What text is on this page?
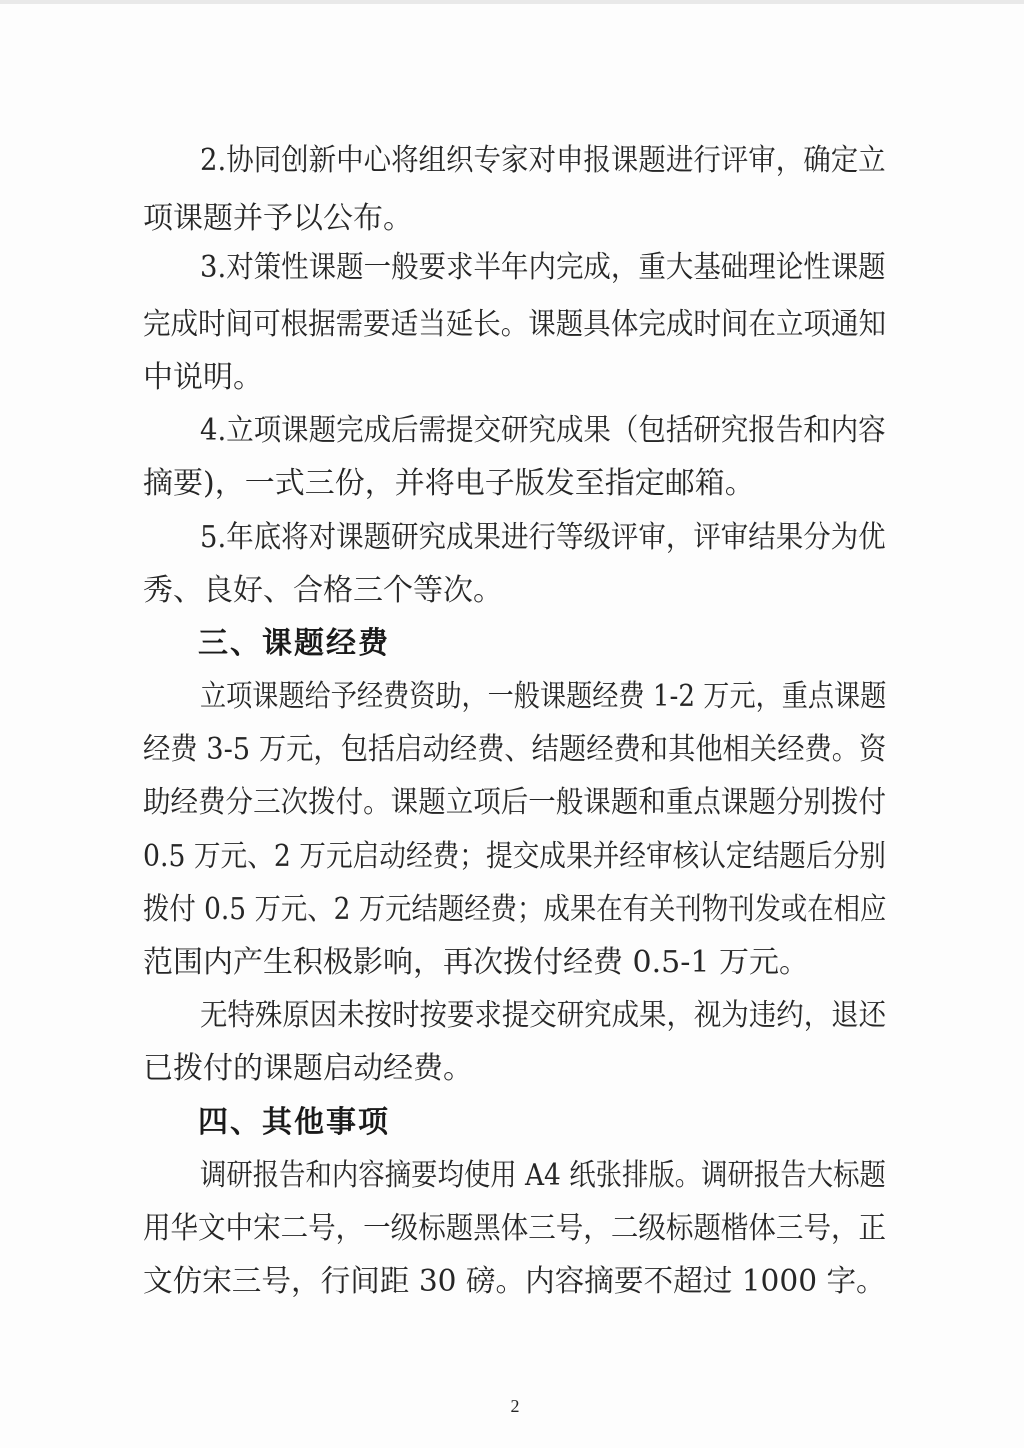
2.协同创新中心将组织专家对申报课题进行评审，确定立

项课题并予以公布。

3.对策性课题一般要求半年内完成，重大基础理论性课题

完成时间可根据需要适当延长。课题具体完成时间在立项通知

中说明。

4.立项课题完成后需提交研究成果（包括研究报告和内容

摘要)，一式三份，并将电子版发至指定邮箱。

5.年底将对课题研究成果进行等级评审，评审结果分为优

秀、良好、合格三个等次。

三、课题经费

立项课题给予经费资助，一般课题经费 1-2 万元，重点课题

经费 3-5 万元，包括启动经费、结题经费和其他相关经费。资

助经费分三次拨付。课题立项后一般课题和重点课题分别拨付

0.5 万元、2 万元启动经费；提交成果并经审核认定结题后分别

拨付 0.5 万元、2 万元结题经费；成果在有关刊物刊发或在相应

范围内产生积极影响，再次拨付经费 0.5-1 万元。

无特殊原因未按时按要求提交研究成果，视为违约，退还

已拨付的课题启动经费。

四、其他事项

调研报告和内容摘要均使用 A4 纸张排版。调研报告大标题

用华文中宋二号，一级标题黑体三号，二级标题楷体三号，正

文仿宋三号，行间距 30 磅。内容摘要不超过 1000 字。

2
